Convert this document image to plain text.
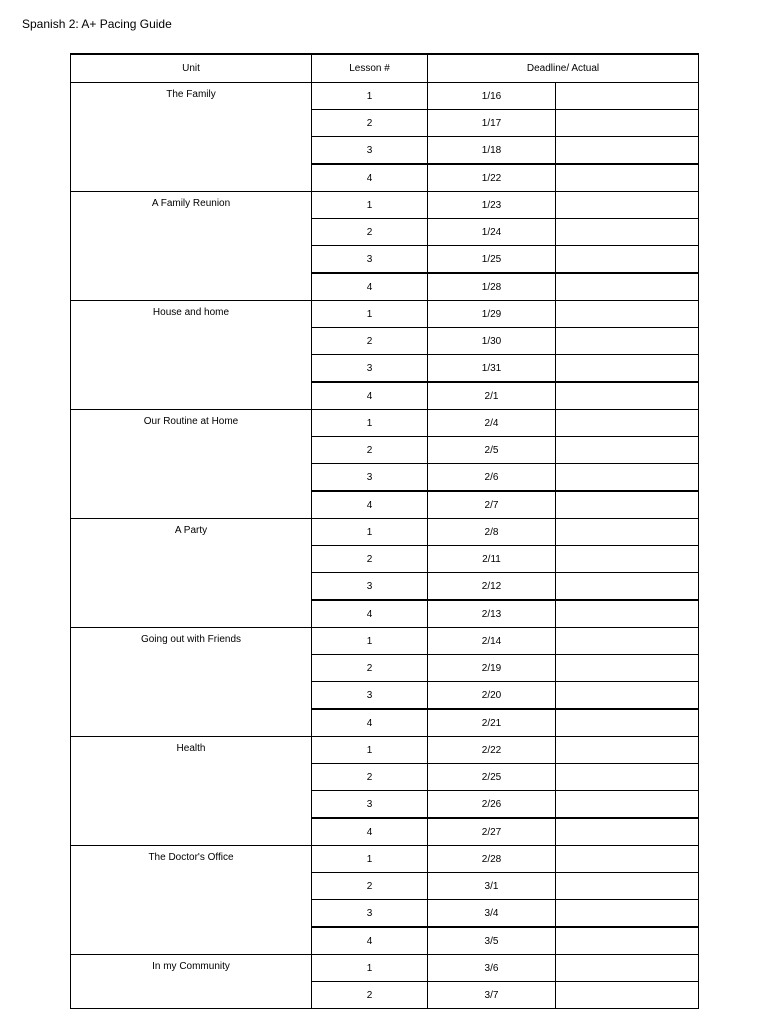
Spanish 2: A+ Pacing Guide
Unit	Lesson #	Deadline/ Actual	
The Family	1	1/16	
	2	1/17	
	3	1/18	
	4	1/22	
A Family Reunion	1	1/23	
	2	1/24	
	3	1/25	
	4	1/28	
House and home	1	1/29	
	2	1/30	
	3	1/31	
	4	2/1	
Our Routine at Home	1	2/4	
	2	2/5	
	3	2/6	
	4	2/7	
A Party	1	2/8	
	2	2/11	
	3	2/12	
	4	2/13	
Going out with Friends	1	2/14	
	2	2/19	
	3	2/20	
	4	2/21	
Health	1	2/22	
	2	2/25	
	3	2/26	
	4	2/27	
The Doctor's Office	1	2/28	
	2	3/1	
	3	3/4	
	4	3/5	
In my Community	1	3/6	
	2	3/7	
